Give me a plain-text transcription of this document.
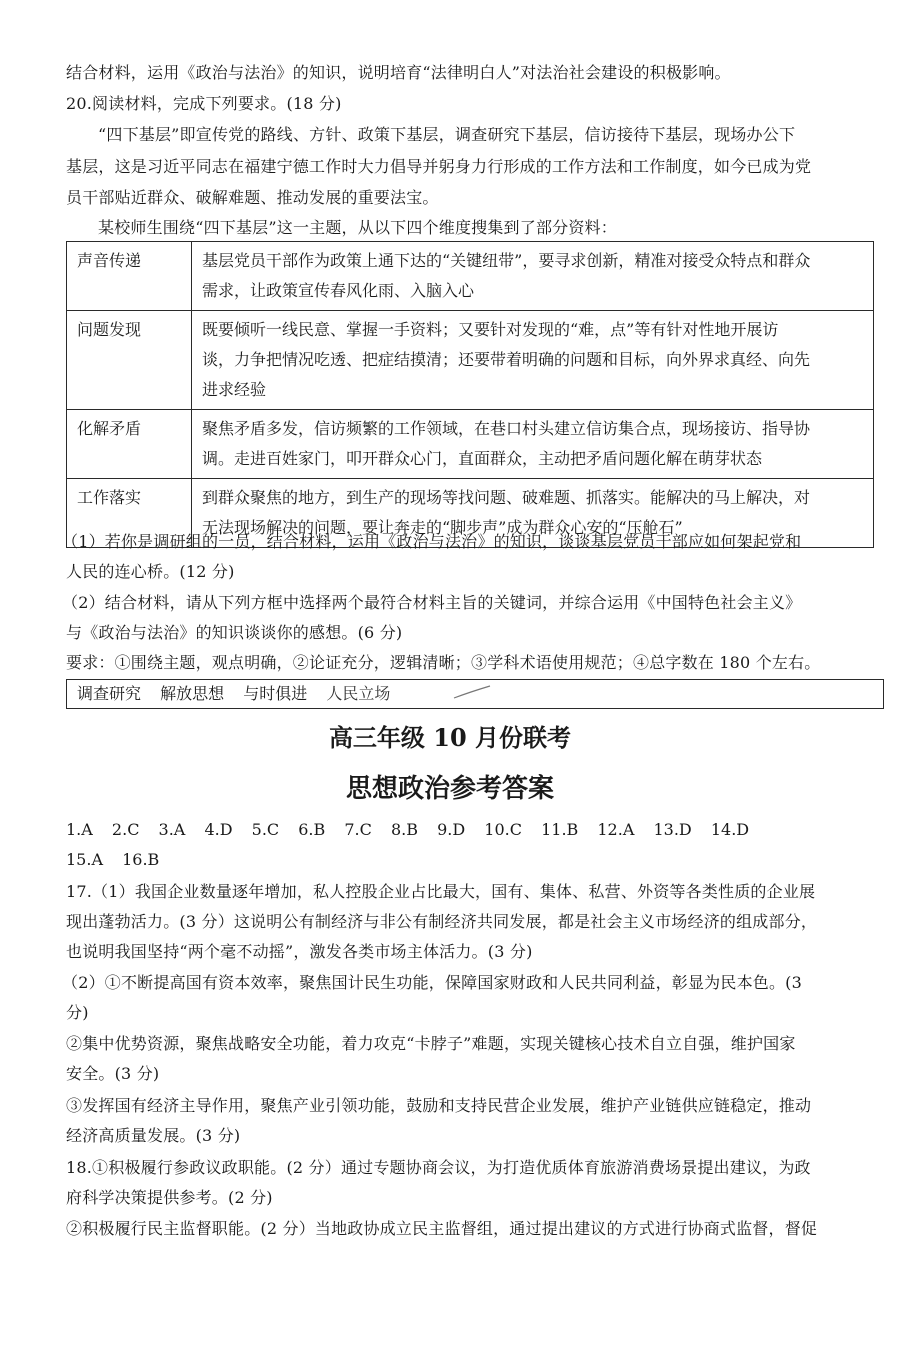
结合材料，运用《政治与法治》的知识，说明培育“法律明白人”对法治社会建设的积极影响。
20.阅读材料，完成下列要求。(18 分)
“四下基层”即宣传党的路线、方针、政策下基层，调查研究下基层，信访接待下基层，现场办公下
基层，这是习近平同志在福建宁德工作时大力倡导并躬身力行形成的工作方法和工作制度，如今已成为党
员干部贴近群众、破解难题、推动发展的重要法宝。
某校师生围绕“四下基层”这一主题，从以下四个维度搜集到了部分资料：
声音传递	基层党员干部作为政策上通下达的“关键纽带”，要寻求创新，精准对接受众特点和群众
需求，让政策宣传春风化雨、入脑入心

问题发现	既要倾听一线民意、掌握一手资料；又要针对发现的“难，点”等有针对性地开展访
谈，力争把情况吃透、把症结摸清；还要带着明确的问题和目标，向外界求真经、向先
进求经验

化解矛盾	聚焦矛盾多发，信访频繁的工作领域，在巷口村头建立信访集合点，现场接访、指导协
调。走进百姓家门，叩开群众心门，直面群众，主动把矛盾问题化解在萌芽状态

工作落实	到群众聚焦的地方，到生产的现场等找问题、破难题、抓落实。能解决的马上解决，对
无法现场解决的问题，要让奔走的“脚步声”成为群众心安的“压舱石”
（1）若你是调研组的一员，结合材料，运用《政治与法治》的知识，谈谈基层党员干部应如何架起党和
人民的连心桥。(12 分)
（2）结合材料，请从下列方框中选择两个最符合材料主旨的关键词，并综合运用《中国特色社会主义》
与《政治与法治》的知识谈谈你的感想。(6 分)
要求：①围绕主题，观点明确，②论证充分，逻辑清晰；③学科术语使用规范；④总字数在 180 个左右。
调查研究 解放思想 与时俱进 人民立场
高三年级 10 月份联考
思想政治参考答案
1.A 2.C 3.A 4.D 5.C 6.B 7.C 8.B 9.D 10.C 11.B 12.A 13.D 14.D
15.A 16.B
17.（1）我国企业数量逐年增加，私人控股企业占比最大，国有、集体、私营、外资等各类性质的企业展
现出蓬勃活力。(3 分）这说明公有制经济与非公有制经济共同发展，都是社会主义市场经济的组成部分，
也说明我国坚持“两个毫不动摇”，激发各类市场主体活力。(3 分)
（2）①不断提高国有资本效率，聚焦国计民生功能，保障国家财政和人民共同利益，彰显为民本色。(3
分)
②集中优势资源，聚焦战略安全功能，着力攻克“卡脖子”难题，实现关键核心技术自立自强，维护国家
安全。(3 分)
③发挥国有经济主导作用，聚焦产业引领功能，鼓励和支持民营企业发展，维护产业链供应链稳定，推动
经济高质量发展。(3 分)
18.①积极履行参政议政职能。(2 分）通过专题协商会议，为打造优质体育旅游消费场景提出建议，为政
府科学决策提供参考。(2 分)
②积极履行民主监督职能。(2 分）当地政协成立民主监督组，通过提出建议的方式进行协商式监督，督促
